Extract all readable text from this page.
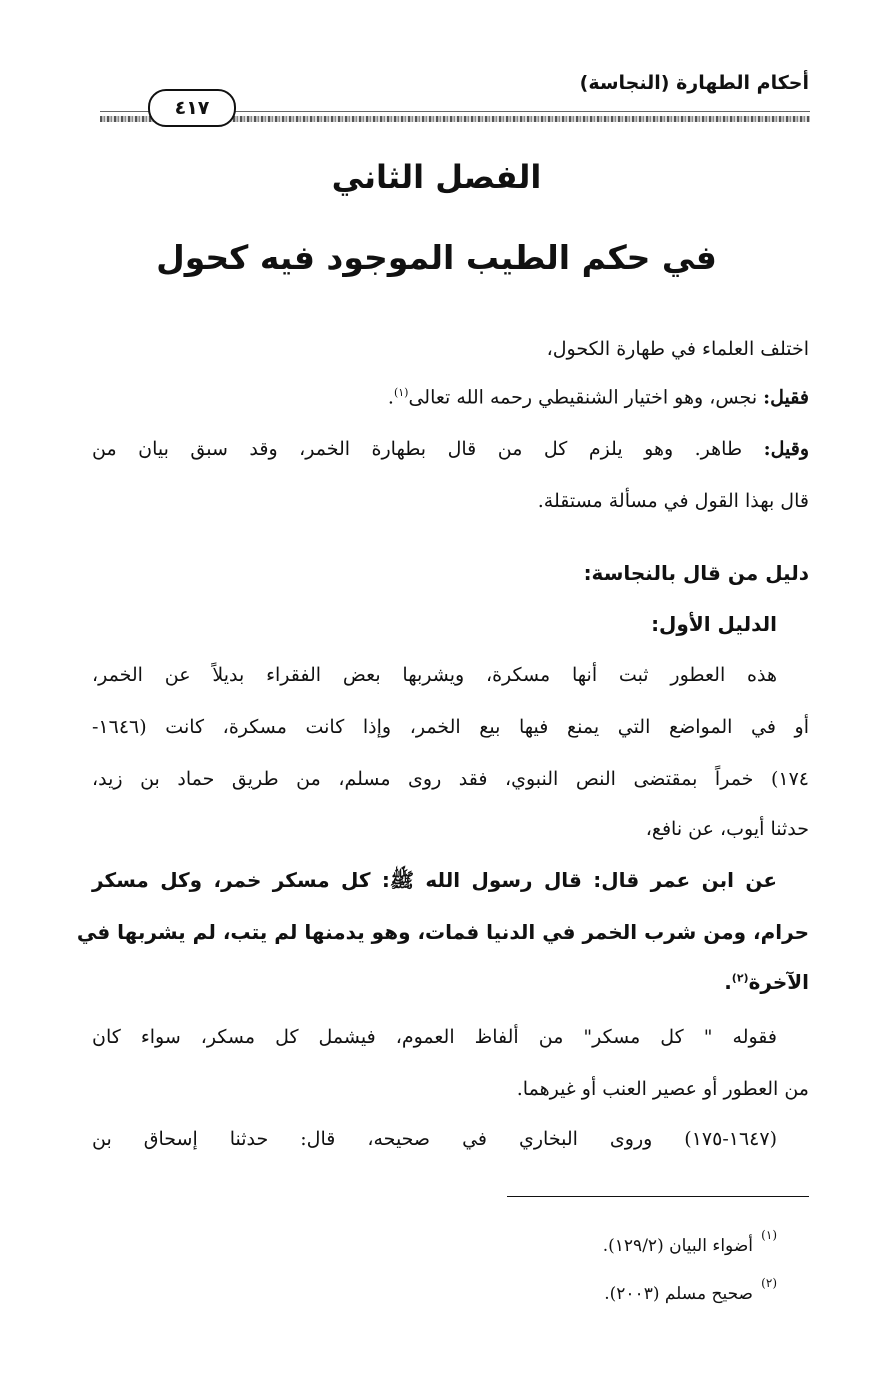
أحكام الطهارة (النجاسة)
٤١٧
الفصل الثاني
في حكم الطيب الموجود فيه كحول
اختلف العلماء في طهارة الكحول،
فقيل: نجس، وهو اختيار الشنقيطي رحمه الله تعالى$^{(١)}$.
وقيل: طاهر. وهو يلزم كل من قال بطهارة الخمر، وقد سبق بيان من
قال بهذا القول في مسألة مستقلة.
دليل من قال بالنجاسة:
الدليل الأول:
هذه العطور ثبت أنها مسكرة، ويشربها بعض الفقراء بديلاً عن الخمر،
أو في المواضع التي يمنع فيها بيع الخمر، وإذا كانت مسكرة، كانت (١٦٤٦-
١٧٤) خمراً بمقتضى النص النبوي، فقد روى مسلم، من طريق حماد بن زيد،
حدثنا أيوب، عن نافع،
عن ابن عمر قال: قال رسول الله ﷺ: كل مسكر خمر، وكل مسكر
حرام، ومن شرب الخمر في الدنيا فمات، وهو يدمنها لم يتب، لم يشربها في
الآخرة$^{(٢)}$.
فقوله " كل مسكر" من ألفاظ العموم، فيشمل كل مسكر، سواء كان
من العطور أو عصير العنب أو غيرهما.
(١٦٤٧-١٧٥) وروى البخاري في صحيحه، قال: حدثنا إسحاق بن
(١)
أضواء البيان (١٢٩/٢).
(٢)
صحيح مسلم (٢٠٠٣).
